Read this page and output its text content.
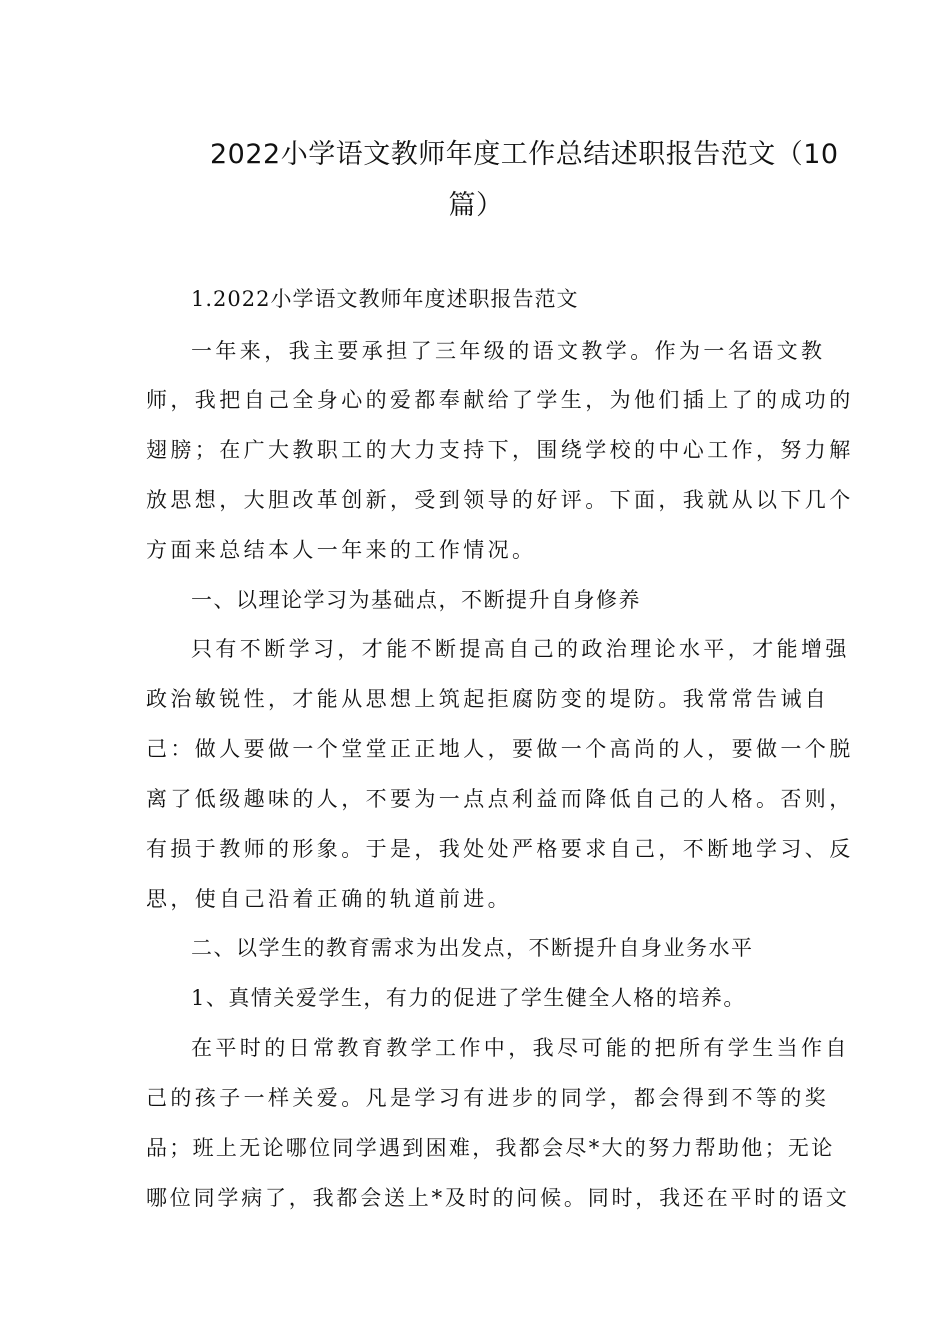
2022小学语文教师年度工作总结述职报告范文（10
篇）
1.2022小学语文教师年度述职报告范文
一年来，我主要承担了三年级的语文教学。作为一名语文教
师，我把自己全身心的爱都奉献给了学生，为他们插上了的成功的
翅膀；在广大教职工的大力支持下，围绕学校的中心工作，努力解
放思想，大胆改革创新，受到领导的好评。下面，我就从以下几个
方面来总结本人一年来的工作情况。
一、以理论学习为基础点，不断提升自身修养
只有不断学习，才能不断提高自己的政治理论水平，才能增强
政治敏锐性，才能从思想上筑起拒腐防变的堤防。我常常告诫自
己：做人要做一个堂堂正正地人，要做一个高尚的人，要做一个脱
离了低级趣味的人，不要为一点点利益而降低自己的人格。否则，
有损于教师的形象。于是，我处处严格要求自己，不断地学习、反
思，使自己沿着正确的轨道前进。
二、以学生的教育需求为出发点，不断提升自身业务水平
1、真情关爱学生，有力的促进了学生健全人格的培养。
在平时的日常教育教学工作中，我尽可能的把所有学生当作自
己的孩子一样关爱。凡是学习有进步的同学，都会得到不等的奖
品；班上无论哪位同学遇到困难，我都会尽*大的努力帮助他；无论
哪位同学病了，我都会送上*及时的问候。同时，我还在平时的语文
